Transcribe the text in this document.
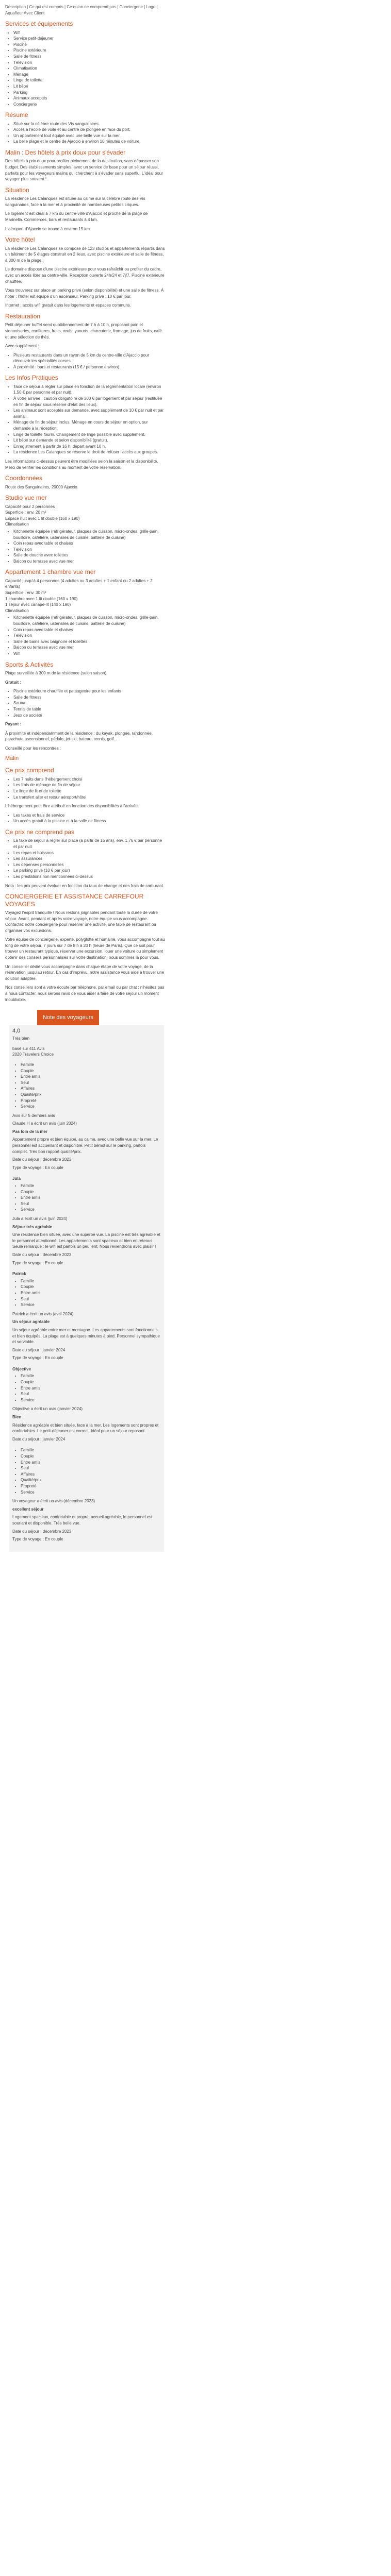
Description | Ce qui est compris | Ce qu'on ne comprend pas | Conciergerie | Logo | Aquafleur Avec Client

Services et équipements
• Wifi
• Service petit-déjeuner
• Piscine
• Piscine extérieure
• Salle de fitness
• Télévision
• Climatisation
• Ménage
• Linge de toilette
• Lit bébé
• Parking
• Animaux acceptés
• Conciergerie
Résumé
• Situé sur la célèbre route des Vis sanguinaires.
• Accès à l'école de voile et au centre de plongée en face du port.
• Un appartement tout équipé avec une belle vue sur la mer.
• La belle plage et le centre de Ajaccio à environ 10 minutes de voiture.
Malin : Des hôtels à prix doux pour s'évader

Des hôtels à prix doux pour profiter pleinement de la destination, sans dépasser son budget. Des établissements simples, avec un service de base pour un séjour réussi, parfaits pour les voyageurs malins qui cherchent à s'évader sans superflu. L'idéal pour voyager plus souvent !

Situation

La résidence Les Calanques est située au calme sur la célèbre route des Vis sanguinaires, face à la mer et à proximité de nombreuses petites criques.

Le logement est idéal à 7 km du centre-ville d'Ajaccio et proche de la plage de Marinella. Commerces, bars et restaurants à 4 km.

L'aéroport d'Ajaccio se trouve à environ 15 km.

Votre hôtel

La résidence Les Calanques se compose de 123 studios et appartements répartis dans un bâtiment de 5 étages construit en 2 lieux, avec piscine extérieure et salle de fitness, à 300 m de la plage.

Le domaine dispose d'une piscine extérieure pour vous rafraîchir ou profiter du cadre, avec un accès libre au centre-ville. Réception ouverte 24h/24 et 7j/7. Piscine extérieure chauffée.

Vous trouverez sur place un parking privé (selon disponibilité) et une salle de fitness. À noter : l'hôtel est équipé d'un ascenseur. Parking privé : 10 € par jour.

Internet : accès wifi gratuit dans les logements et espaces communs.

Restauration

Petit déjeuner buffet servi quotidiennement de 7 h à 10 h, proposant pain et viennoiseries, confitures, fruits, œufs, yaourts, charcuterie, fromage, jus de fruits, café et une sélection de thés.

Avec supplément :

• Plusieurs restaurants dans un rayon de 5 km du centre-ville d'Ajaccio pour découvrir les spécialités corses.
• À proximité : bars et restaurants (15 € / personne environ).
Les Infos Pratiques
• Taxe de séjour à régler sur place en fonction de la réglementation locale (environ 1,50 € par personne et par nuit).
• À votre arrivée : caution obligatoire de 300 € par logement et par séjour (restituée en fin de séjour sous réserve d'état des lieux).
• Les animaux sont acceptés sur demande, avec supplément de 10 € par nuit et par animal.
• Ménage de fin de séjour inclus. Ménage en cours de séjour en option, sur demande à la réception.
• Linge de toilette fourni. Changement de linge possible avec supplément.
• Lit bébé sur demande et selon disponibilité (gratuit).
• Enregistrement à partir de 16 h, départ avant 10 h.
• La résidence Les Calanques se réserve le droit de refuser l'accès aux groupes.

Les informations ci-dessus peuvent être modifiées selon la saison et la disponibilité. Merci de vérifier les conditions au moment de votre réservation.

Coordonnées

Route des Sanguinaires, 20000 Ajaccio

Studio vue mer
Capacité pour 2 personnes
Superficie : env. 20 m²
Espace nuit avec 1 lit double (160 x 190)
Climatisation
• Kitchenette équipée (réfrigérateur, plaques de cuisson, micro-ondes, grille-pain, bouilloire, cafetière, ustensiles de cuisine, batterie de cuisine)
• Coin repas avec table et chaises
• Télévision
• Salle de douche avec toilettes
• Balcon ou terrasse avec vue mer
Appartement 1 chambre vue mer
Capacité jusqu'à 4 personnes (4 adultes ou 3 adultes + 1 enfant ou 2 adultes + 2 enfants)
Superficie : env. 30 m²
1 chambre avec 1 lit double (160 x 190)
1 séjour avec canapé-lit (140 x 190)
Climatisation
• Kitchenette équipée (réfrigérateur, plaques de cuisson, micro-ondes, grille-pain, bouilloire, cafetière, ustensiles de cuisine, batterie de cuisine)
• Coin repas avec table et chaises
• Télévision
• Salle de bains avec baignoire et toilettes
• Balcon ou terrasse avec vue mer
• Wifi
Sports & Activités

Plage surveillée à 300 m de la résidence (selon saison).

Gratuit :

• Piscine extérieure chauffée et pataugeoire pour les enfants
• Salle de fitness
• Sauna
• Tennis de table
• Jeux de société

Payant :

À proximité et indépendamment de la résidence : du kayak, plongée, randonnée, parachute ascensionnel, pédalo, jet-ski, bateau, tennis, golf...

Conseillé pour les rencontres :

Malin

Ce prix comprend
• Les 7 nuits dans l'hébergement choisi
• Les frais de ménage de fin de séjour
• Le linge de lit et de toilette
• Le transfert aller et retour aéroport/hôtel

L'hébergement peut être attribué en fonction des disponibilités à l'arrivée.

• Les taxes et frais de service
• Un accès gratuit à la piscine et à la salle de fitness
Ce prix ne comprend pas
• La taxe de séjour à régler sur place (à partir de 16 ans), env. 1,76 € par personne et par nuit
• Les repas et boissons
• Les assurances
• Les dépenses personnelles
• Le parking privé (10 € par jour)
• Les prestations non mentionnées ci-dessus

Nota : les prix peuvent évoluer en fonction du taux de change et des frais de carburant.

CONCIERGERIE ET ASSISTANCE CARREFOUR VOYAGES

Voyagez l'esprit tranquille ! Nous restons joignables pendant toute la durée de votre séjour. Avant, pendant et après votre voyage, notre équipe vous accompagne. Contactez notre conciergerie pour réserver une activité, une table de restaurant ou organiser vos excursions.

Votre équipe de conciergerie, experte, polyglotte et humaine, vous accompagne tout au long de votre séjour, 7 jours sur 7 de 8 h à 20 h (heure de Paris). Que ce soit pour trouver un restaurant typique, réserver une excursion, louer une voiture ou simplement obtenir des conseils personnalisés sur votre destination, nous sommes là pour vous.

Un conseiller dédié vous accompagne dans chaque étape de votre voyage, de la réservation jusqu'au retour. En cas d'imprévu, notre assistance vous aide à trouver une solution adaptée.

Nos conseillers sont à votre écoute par téléphone, par email ou par chat : n'hésitez pas à nous contacter, nous serons ravis de vous aider à faire de votre séjour un moment inoubliable.

Note des voyageurs

4,0

Très bien

basé sur 411 Avis
2020 Travelers Choice

• Famille
• Couple
• Entre amis
• Seul
• Affaires
• Qualité/prix
• Propreté
• Service

Avis sur 5 derniers avis

Claude H a écrit un avis (juin 2024)

Pas loin de la mer

Appartement propre et bien équipé, au calme, avec une belle vue sur la mer. Le personnel est accueillant et disponible. Petit bémol sur le parking, parfois complet. Très bon rapport qualité/prix.

Date du séjour : décembre 2023

Type de voyage : En couple

Jula

• Famille
• Couple
• Entre amis
• Seul
• Service

Jula a écrit un avis (juin 2024)

Séjour très agréable

Une résidence bien située, avec une superbe vue. La piscine est très agréable et le personnel attentionné. Les appartements sont spacieux et bien entretenus. Seule remarque : le wifi est parfois un peu lent. Nous reviendrons avec plaisir !

Date du séjour : décembre 2023

Type de voyage : En couple

Patrick

• Famille
• Couple
• Entre amis
• Seul
• Service

Patrick a écrit un avis (avril 2024)

Un séjour agréable

Un séjour agréable entre mer et montagne. Les appartements sont fonctionnels et bien équipés. La plage est à quelques minutes à pied. Personnel sympathique et serviable.

Date du séjour : janvier 2024

Type de voyage : En couple

Objective

• Famille
• Couple
• Entre amis
• Seul
• Service

Objective a écrit un avis (janvier 2024)

Bien

Résidence agréable et bien située, face à la mer. Les logements sont propres et confortables. Le petit-déjeuner est correct. Idéal pour un séjour reposant.

Date du séjour : janvier 2024

• Famille
• Couple
• Entre amis
• Seul
• Affaires
• Qualité/prix
• Propreté
• Service

Un voyageur a écrit un avis (décembre 2023)

excellent séjour

Logement spacieux, confortable et propre, accueil agréable, le personnel est souriant et disponible. Très belle vue.

Date du séjour : décembre 2023

Type de voyage : En couple
